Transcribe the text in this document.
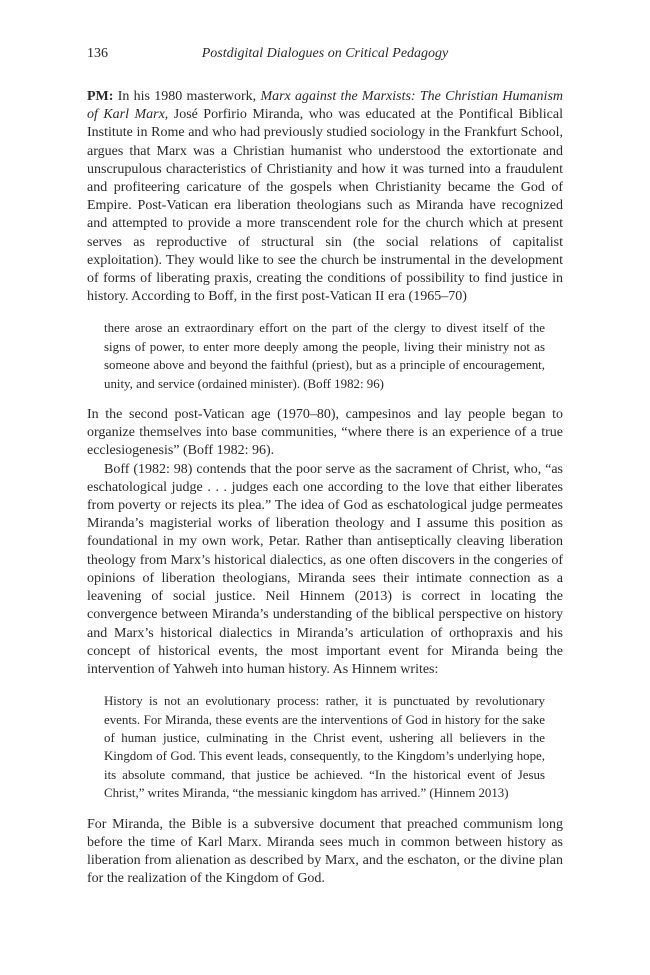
136	Postdigital Dialogues on Critical Pedagogy

PM: In his 1980 masterwork, Marx against the Marxists: The Christian Humanism of Karl Marx, José Porfirio Miranda, who was educated at the Pontifical Biblical Institute in Rome and who had previously studied sociology in the Frankfurt School, argues that Marx was a Christian humanist who understood the extortionate and unscrupulous characteristics of Christianity and how it was turned into a fraudulent and profiteering caricature of the gospels when Christianity became the God of Empire. Post-Vatican era liberation theologians such as Miranda have recognized and attempted to provide a more transcendent role for the church which at present serves as reproductive of structural sin (the social relations of capitalist exploitation). They would like to see the church be instrumental in the development of forms of liberating praxis, creating the conditions of possibility to find justice in history. According to Boff, in the first post-Vatican II era (1965–70)

there arose an extraordinary effort on the part of the clergy to divest itself of the signs of power, to enter more deeply among the people, living their ministry not as someone above and beyond the faithful (priest), but as a principle of encouragement, unity, and service (ordained minister). (Boff 1982: 96)

In the second post-Vatican age (1970–80), campesinos and lay people began to organize themselves into base communities, “where there is an experience of a true ecclesiogenesis” (Boff 1982: 96).

Boff (1982: 98) contends that the poor serve as the sacrament of Christ, who, “as eschatological judge . . . judges each one according to the love that either liberates from poverty or rejects its plea.” The idea of God as eschatological judge permeates Miranda’s magisterial works of liberation theology and I assume this position as foundational in my own work, Petar. Rather than antiseptically cleaving liberation theology from Marx’s historical dialectics, as one often discovers in the congeries of opinions of liberation theologians, Miranda sees their intimate connection as a leavening of social justice. Neil Hinnem (2013) is correct in locating the convergence between Miranda’s understanding of the biblical perspective on history and Marx’s historical dialectics in Miranda’s articulation of orthopraxis and his concept of historical events, the most important event for Miranda being the intervention of Yahweh into human history. As Hinnem writes:

History is not an evolutionary process: rather, it is punctuated by revolutionary events. For Miranda, these events are the interventions of God in history for the sake of human justice, culminating in the Christ event, ushering all believers in the Kingdom of God. This event leads, consequently, to the Kingdom’s underlying hope, its absolute command, that justice be achieved. “In the historical event of Jesus Christ,” writes Miranda, “the messianic kingdom has arrived.” (Hinnem 2013)

For Miranda, the Bible is a subversive document that preached communism long before the time of Karl Marx. Miranda sees much in common between history as liberation from alienation as described by Marx, and the eschaton, or the divine plan for the realization of the Kingdom of God.
